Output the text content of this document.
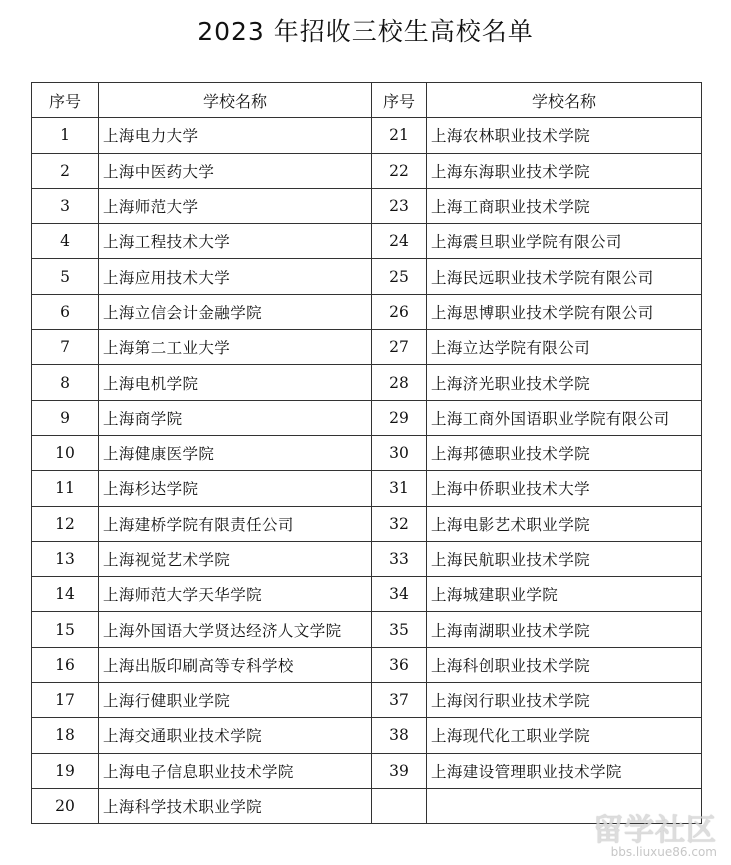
2023 年招收三校生高校名单
序号	学校名称	序号	学校名称
1	上海电力大学	21	上海农林职业技术学院
2	上海中医药大学	22	上海东海职业技术学院
3	上海师范大学	23	上海工商职业技术学院
4	上海工程技术大学	24	上海震旦职业学院有限公司
5	上海应用技术大学	25	上海民远职业技术学院有限公司
6	上海立信会计金融学院	26	上海思博职业技术学院有限公司
7	上海第二工业大学	27	上海立达学院有限公司
8	上海电机学院	28	上海济光职业技术学院
9	上海商学院	29	上海工商外国语职业学院有限公司
10	上海健康医学院	30	上海邦德职业技术学院
11	上海杉达学院	31	上海中侨职业技术大学
12	上海建桥学院有限责任公司	32	上海电影艺术职业学院
13	上海视觉艺术学院	33	上海民航职业技术学院
14	上海师范大学天华学院	34	上海城建职业学院
15	上海外国语大学贤达经济人文学院	35	上海南湖职业技术学院
16	上海出版印刷高等专科学校	36	上海科创职业技术学院
17	上海行健职业学院	37	上海闵行职业技术学院
18	上海交通职业技术学院	38	上海现代化工职业学院
19	上海电子信息职业技术学院	39	上海建设管理职业技术学院
20	上海科学技术职业学院		
留学社区
bbs.liuxue86.com
